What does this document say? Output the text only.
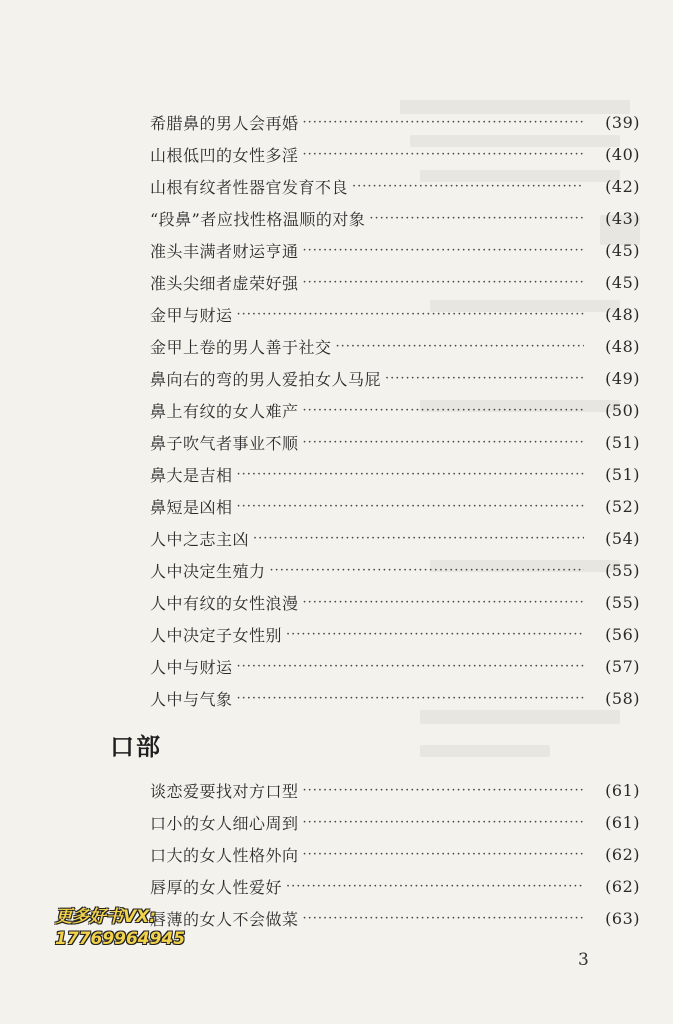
希腊鼻的男人会再婚 ·····	(39)
山根低凹的女性多淫 ·····	(40)
山根有纹者性器官发育不良 ·····	(42)
“段鼻”者应找性格温顺的对象 ·····	(43)
准头丰满者财运亨通 ·····	(45)
准头尖细者虚荣好强 ·····	(45)
金甲与财运 ·····	(48)
金甲上卷的男人善于社交 ·····	(48)
鼻向右的弯的男人爱拍女人马屁 ·····	(49)
鼻上有纹的女人难产 ·····	(50)
鼻子吹气者事业不顺 ·····	(51)
鼻大是吉相 ·····	(51)
鼻短是凶相 ·····	(52)
人中之志主凶 ·····	(54)
人中决定生殖力 ·····	(55)
人中有纹的女性浪漫 ·····	(55)
人中决定子女性别 ·····	(56)
人中与财运 ·····	(57)
人中与气象 ·····	(58)
口部
谈恋爱要找对方口型 ·····	(61)
口小的女人细心周到 ·····	(61)
口大的女人性格外向 ·····	(62)
唇厚的女人性爱好 ·····	(62)
唇薄的女人不会做菜 ·····	(63)
更多好书VX:
17769964945
3
